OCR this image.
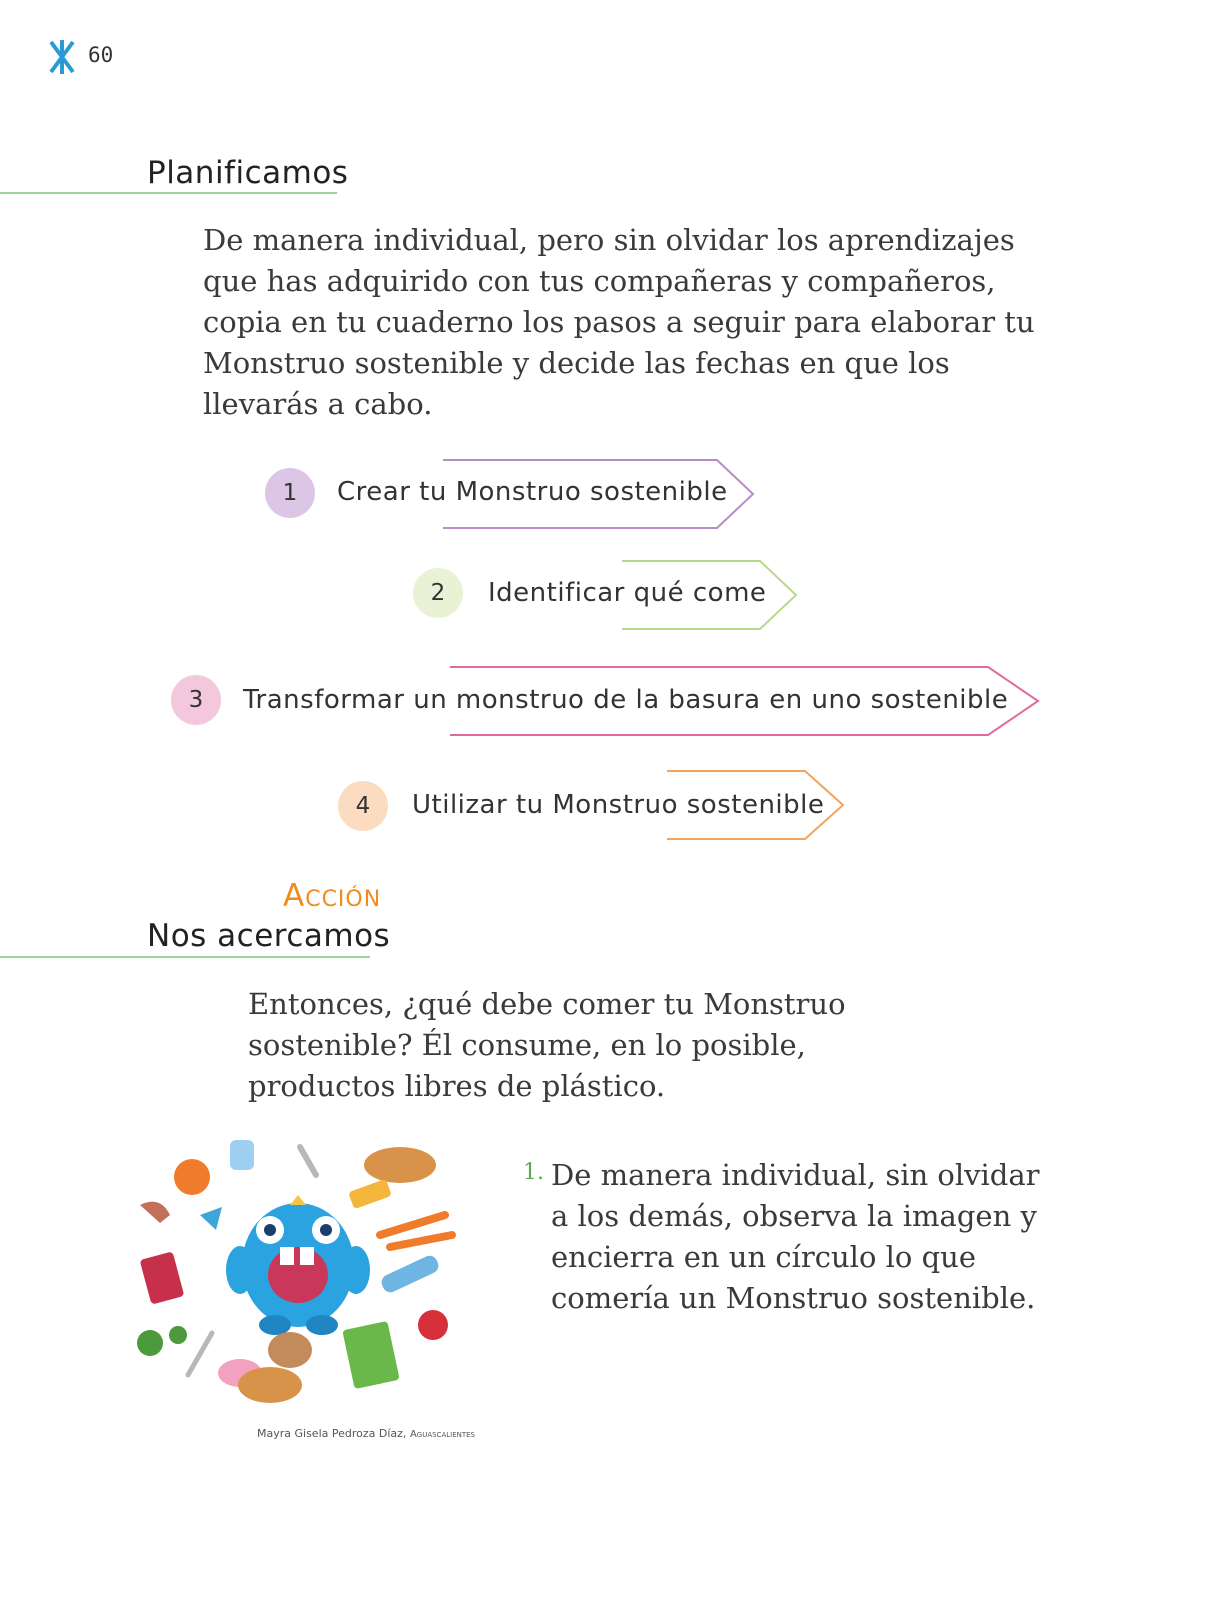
60
Planificamos
De manera individual, pero sin olvidar los aprendizajes que has adquirido con tus compañeras y compañeros, copia en tu cuaderno los pasos a seguir para elaborar tu Monstruo sostenible y decide las fechas en que los llevarás a cabo.
1	Crear tu Monstruo sostenible
2	Identificar qué come
3	Transformar un monstruo de la basura en uno sostenible
4	Utilizar tu Monstruo sostenible
Acción
Nos acercamos
Entonces, ¿qué debe comer tu Monstruo sostenible? Él consume, en lo posible, productos libres de plástico.
Mayra Gisela Pedroza Díaz, Aguascalientes
1. De manera individual, sin olvidar a los demás, observa la imagen y encierra en un círculo lo que comería un Monstruo sostenible.
